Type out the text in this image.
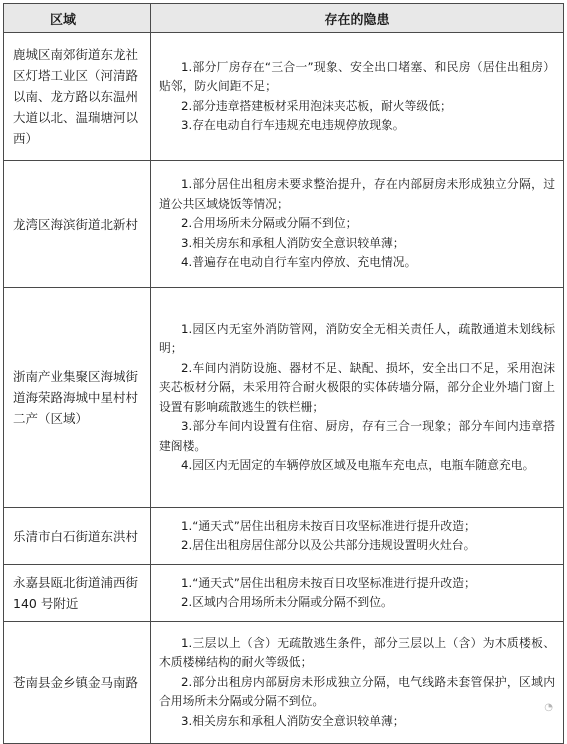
区域	存在的隐患
鹿城区南郊街道东龙社区灯塔工业区（河清路以南、龙方路以东温州大道以北、温瑞塘河以西）	1.部分厂房存在“三合一”现象、安全出口堵塞、和民房（居住出租房）贴邻，防火间距不足；
2.部分违章搭建板材采用泡沫夹芯板，耐火等级低；
3.存在电动自行车违规充电违规停放现象。

龙湾区海滨街道北新村	1.部分居住出租房未要求整治提升，存在内部厨房未形成独立分隔，过道公共区域烧饭等情况；
2.合用场所未分隔或分隔不到位；
3.相关房东和承租人消防安全意识较单薄；
4.普遍存在电动自行车室内停放、充电情况。

浙南产业集聚区海城街道海荣路海城中星村村二产（区域）	1.园区内无室外消防管网，消防安全无相关责任人，疏散通道未划线标明；
2.车间内消防设施、器材不足、缺配、损坏，安全出口不足，采用泡沫夹芯板材分隔，未采用符合耐火极限的实体砖墙分隔，部分企业外墙门窗上设置有影响疏散逃生的铁栏栅；
3.部分车间内设置有住宿、厨房，存有三合一现象；部分车间内违章搭建阁楼。
4.园区内无固定的车辆停放区域及电瓶车充电点，电瓶车随意充电。

乐清市白石街道东洪村	1.“通天式”居住出租房未按百日攻坚标准进行提升改造；
2.居住出租房居住部分以及公共部分违规设置明火灶台。

永嘉县瓯北街道浦西街 140 号附近	1.“通天式”居住出租房未按百日攻坚标准进行提升改造；
2.区域内合用场所未分隔或分隔不到位。

苍南县金乡镇金马南路	1.三层以上（含）无疏散逃生条件，部分三层以上（含）为木质楼板、木质楼梯结构的耐火等级低；
2.部分出租房内部厨房未形成独立分隔，电气线路未套管保护，区域内合用场所未分隔或分隔不到位。
3.相关房东和承租人消防安全意识较单薄；
◔
